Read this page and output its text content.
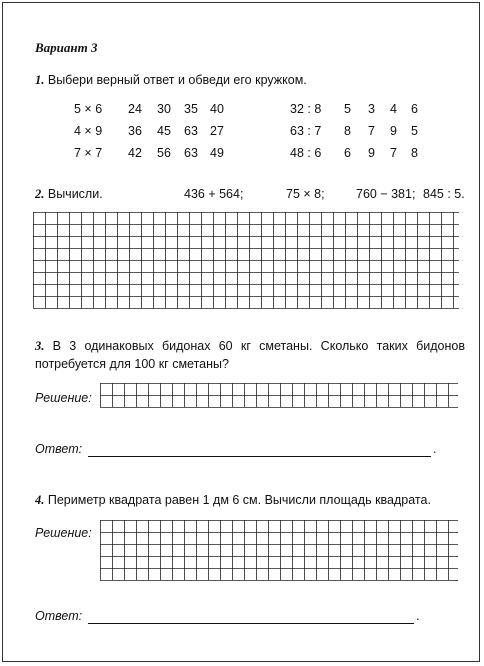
Вариант 3
1. Выбери верный ответ и обведи его кружком.
5 × 6 24 30 35 40
4 × 9 36 45 63 27
7 × 7 42 56 63 49
32 : 8 5 3 4 6
63 : 7 8 7 9 5
48 : 6 6 9 7 8
2. Вычисли.	436 + 564;	75 × 8;	760 − 381; 845 : 5.
3. В 3 одинаковых бидонах 60 кг сметаны. Сколько таких бидонов
потребуется для 100 кг сметаны?
Решение:
Ответ:	.
4. Периметр квадрата равен 1 дм 6 см. Вычисли площадь квадрата.
Решение:
Ответ:	.
